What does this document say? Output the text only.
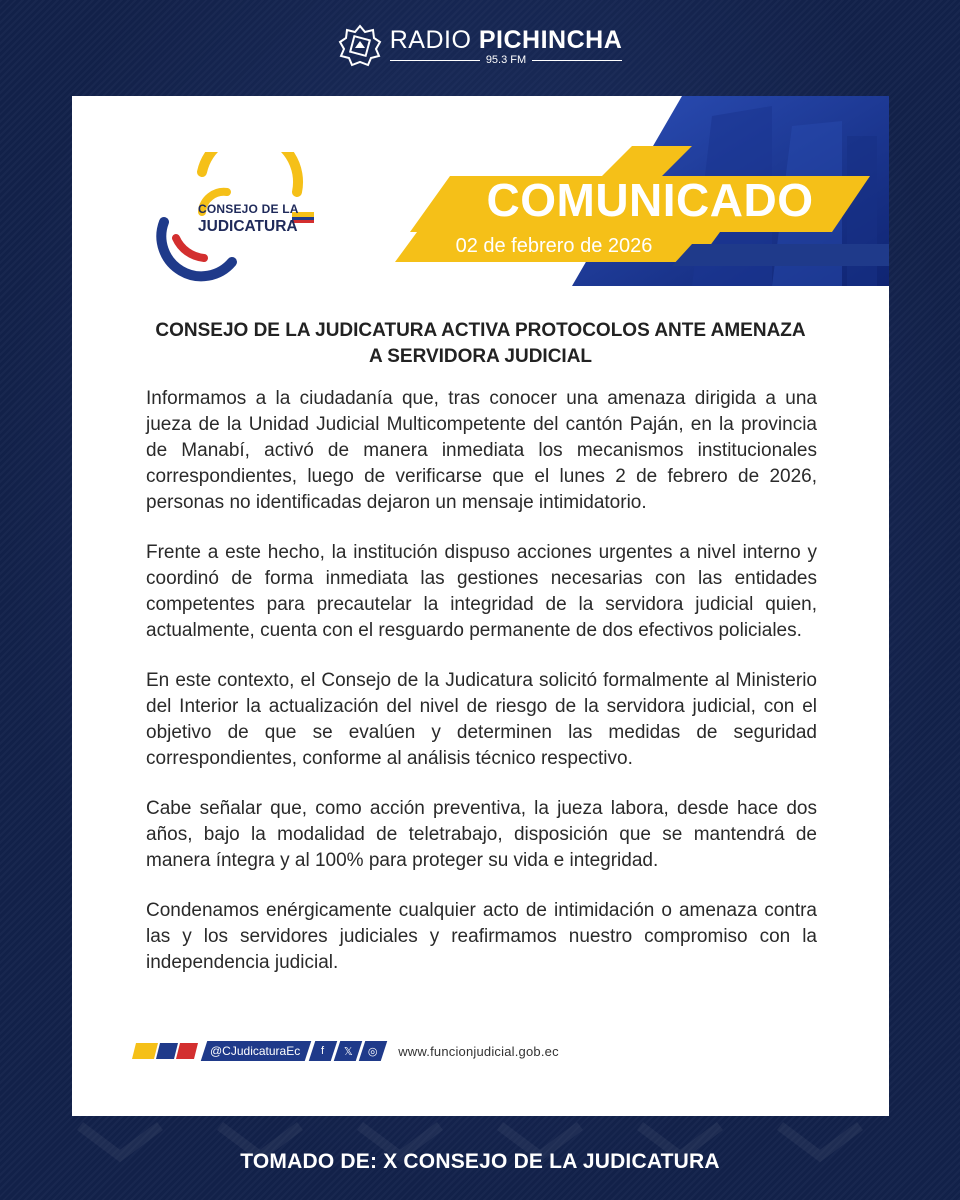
RADIO PICHINCHA
95.3 FM
CONSEJO DE LA
JUDICATURA
COMUNICADO
02 de febrero de 2026
CONSEJO DE LA JUDICATURA ACTIVA PROTOCOLOS ANTE AMENAZA
A SERVIDORA JUDICIAL

Informamos a la ciudadanía que, tras conocer una amenaza dirigida a una jueza de la Unidad Judicial Multicompetente del cantón Paján, en la provincia de Manabí, activó de manera inmediata los mecanismos institucionales correspondientes, luego de verificarse que el lunes 2 de febrero de 2026, personas no identificadas dejaron un mensaje intimidatorio.

Frente a este hecho, la institución dispuso acciones urgentes a nivel interno y coordinó de forma inmediata las gestiones necesarias con las entidades competentes para precautelar la integridad de la servidora judicial quien, actualmente, cuenta con el resguardo permanente de dos efectivos policiales.

En este contexto, el Consejo de la Judicatura solicitó formalmente al Ministerio del Interior la actualización del nivel de riesgo de la servidora judicial, con el objetivo de que se evalúen y determinen las medidas de seguridad correspondientes, conforme al análisis técnico respectivo.

Cabe señalar que, como acción preventiva, la jueza labora, desde hace dos años, bajo la modalidad de teletrabajo, disposición que se mantendrá de manera íntegra y al 100% para proteger su vida e integridad.

Condenamos enérgicamente cualquier acto de intimidación o amenaza contra las y los servidores judiciales y reafirmamos nuestro compromiso con la independencia judicial.

@CJudicaturaEc f 𝕏 ◎ www.funcionjudicial.gob.ec
TOMADO DE: X CONSEJO DE LA JUDICATURA
